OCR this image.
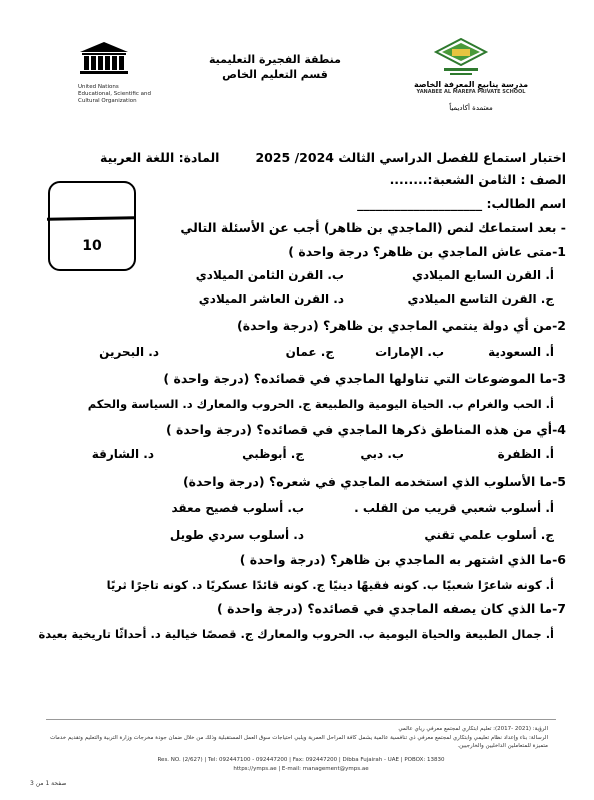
United Nations
Educational, Scientific and
Cultural Organization
منطقة الفجيرة التعليمية
قسم التعليم الخاص
مدرسة ينابيع المعرفة الخاصة
YANABEE AL MAREFA PRIVATE SCHOOL
معتمدة أكاديمياً
اختبار استماع للفصل الدراسي الثالث 2024/ 2025
المادة: اللغة العربية
الصف : الثامن الشعبة:........
اسم الطالب: ____________________
10
- بعد استماعك لنص (الماجدي بن ظاهر) أجب عن الأسئلة التالي
1-متى عاش الماجدي بن ظاهر؟ درجة واحدة )
أ. القرن السابع الميلادي
ب. القرن الثامن الميلادي
ج. القرن التاسع الميلادي
د. القرن العاشر الميلادي
2-من أي دولة ينتمي الماجدي بن ظاهر؟ (درجة واحدة)
أ. السعودية
ب. الإمارات
ج. عمان
د. البحرين
3-ما الموضوعات التي تناولها الماجدي في قصائده؟ (درجة واحدة )
أ. الحب والغرام ب. الحياة اليومية والطبيعة ج. الحروب والمعارك د. السياسة والحكم
4-أي من هذه المناطق ذكرها الماجدي في قصائده؟ (درجة واحدة )
أ. الظفرة
ب. دبي
ج. أبوظبي
د. الشارقة
5-ما الأسلوب الذي استخدمه الماجدي في شعره؟ (درجة واحدة)
أ. أسلوب شعبي قريب من القلب .
ب. أسلوب فصيح معقد
ج. أسلوب علمي تقني
د. أسلوب سردي طويل
6-ما الذي اشتهر به الماجدي بن ظاهر؟ (درجة واحدة )
أ. كونه شاعرًا شعبيًا ب. كونه فقيهًا دينيًا ج. كونه قائدًا عسكريًا د. كونه تاجرًا ثريًا
7-ما الذي كان يصفه الماجدي في قصائده؟ (درجة واحدة )
أ. جمال الطبيعة والحياة اليومية ب. الحروب والمعارك ج. قصصًا خيالية د. أحداثًا تاريخية بعيدة
الرؤية: (2021 -2017): تعليم ابتكاري لمجتمع معرفي رياي عالمي
الرسالة: بناء وإعداد نظام تعليمي وابتكاري لمجتمع معرفي ذي تنافسية عالمية يشمل كافة المراحل العمرية ويلبي احتياجات سوق العمل المستقبلية وذلك من خلال ضمان جودة مخرجات وزارة التربية والتعليم وتقديم خدمات متميزة للمتعاملين الداخليين والخارجيين.
Res. NO. (2/627) | Tel: 092447100 - 092447200 | Fax: 092447200 | Dibba Fujairah - UAE | POBOX: 13830
https://ymps.ae | E-mail: management@ymps.ae
صفحة 1 من 3
